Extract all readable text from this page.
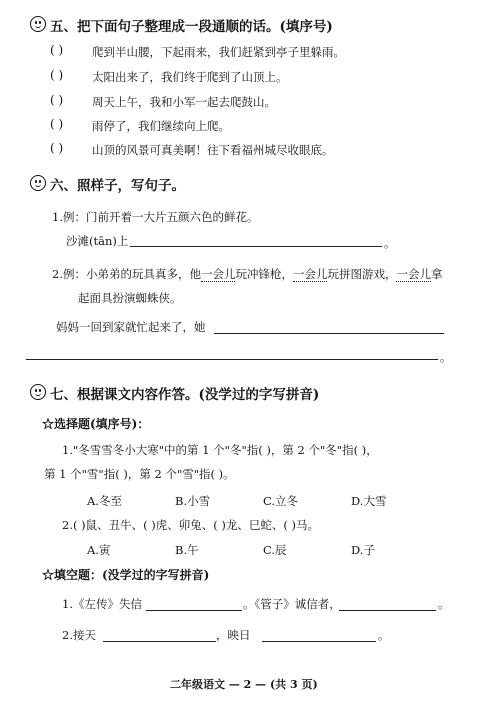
五、把下面句子整理成一段通顺的话。(填序号)
( )	爬到半山腰，下起雨来，我们赶紧到亭子里躲雨。
( )	太阳出来了，我们终于爬到了山顶上。
( )	周天上午，我和小军一起去爬鼓山。
( )	雨停了，我们继续向上爬。
( )	山顶的风景可真美啊！往下看福州城尽收眼底。
六、照样子，写句子。
1.例：门前开着一大片五颜六色的鲜花。
沙滩(tān)上	。
2.例：小弟弟的玩具真多，他一会儿玩冲锋枪，一会儿玩拼图游戏，一会儿拿
起面具扮演蜘蛛侠。
妈妈一回到家就忙起来了，她
。
七、根据课文内容作答。(没学过的字写拼音)
☆选择题(填序号)：
1."冬雪雪冬小大寒"中的第 1 个"冬"指( )，第 2 个"冬"指( )，
第 1 个"雪"指( )，第 2 个"雪"指( )。
A.冬至	B.小雪	C.立冬	D.大雪
2.( )鼠、丑牛、( )虎、卯兔、( )龙、巳蛇、( )马。
A.寅	B.午	C.辰	D.子
☆填空题：(没学过的字写拼音)
1.《左传》失信	。《管子》诚信者，	。
2.接天	，映日	。
二年级语文 — 2 — (共 3 页)
